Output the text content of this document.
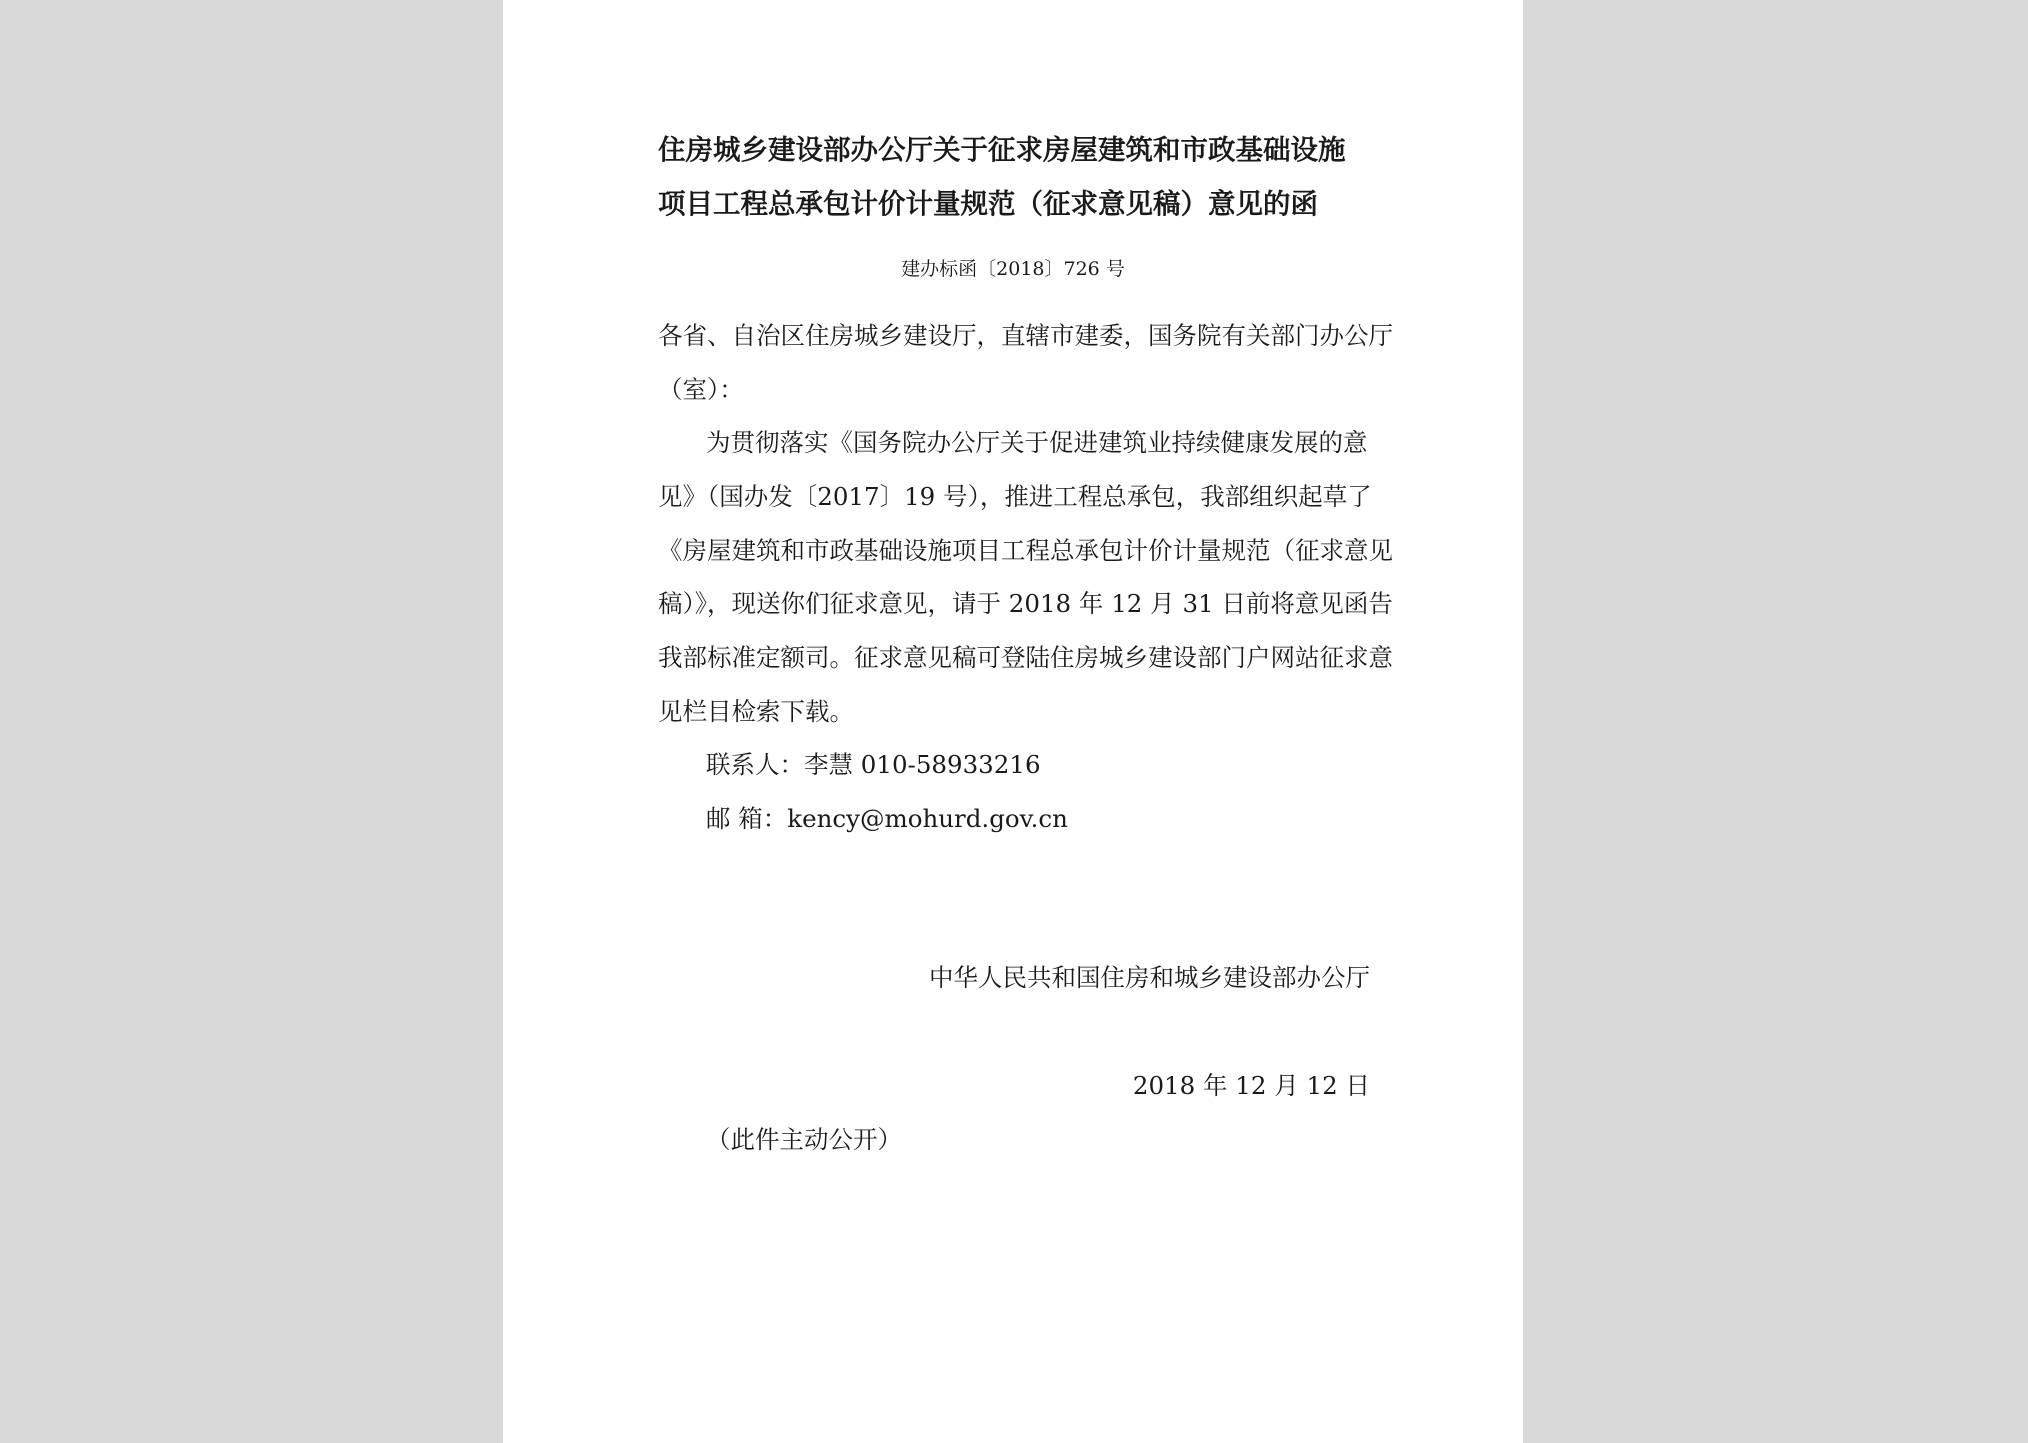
住房城乡建设部办公厅关于征求房屋建筑和市政基础设施
项目工程总承包计价计量规范（征求意见稿）意见的函
建办标函〔2018〕726 号
各省、自治区住房城乡建设厅，直辖市建委，国务院有关部门办公厅
（室）：
为贯彻落实《国务院办公厅关于促进建筑业持续健康发展的意
见》（国办发〔2017〕19 号），推进工程总承包，我部组织起草了
《房屋建筑和市政基础设施项目工程总承包计价计量规范（征求意见
稿）》，现送你们征求意见，请于 2018 年 12 月 31 日前将意见函告
我部标准定额司。征求意见稿可登陆住房城乡建设部门户网站征求意
见栏目检索下载。
联系人：李慧 010-58933216
邮 箱：kency@mohurd.gov.cn
中华人民共和国住房和城乡建设部办公厅
2018 年 12 月 12 日
（此件主动公开）
